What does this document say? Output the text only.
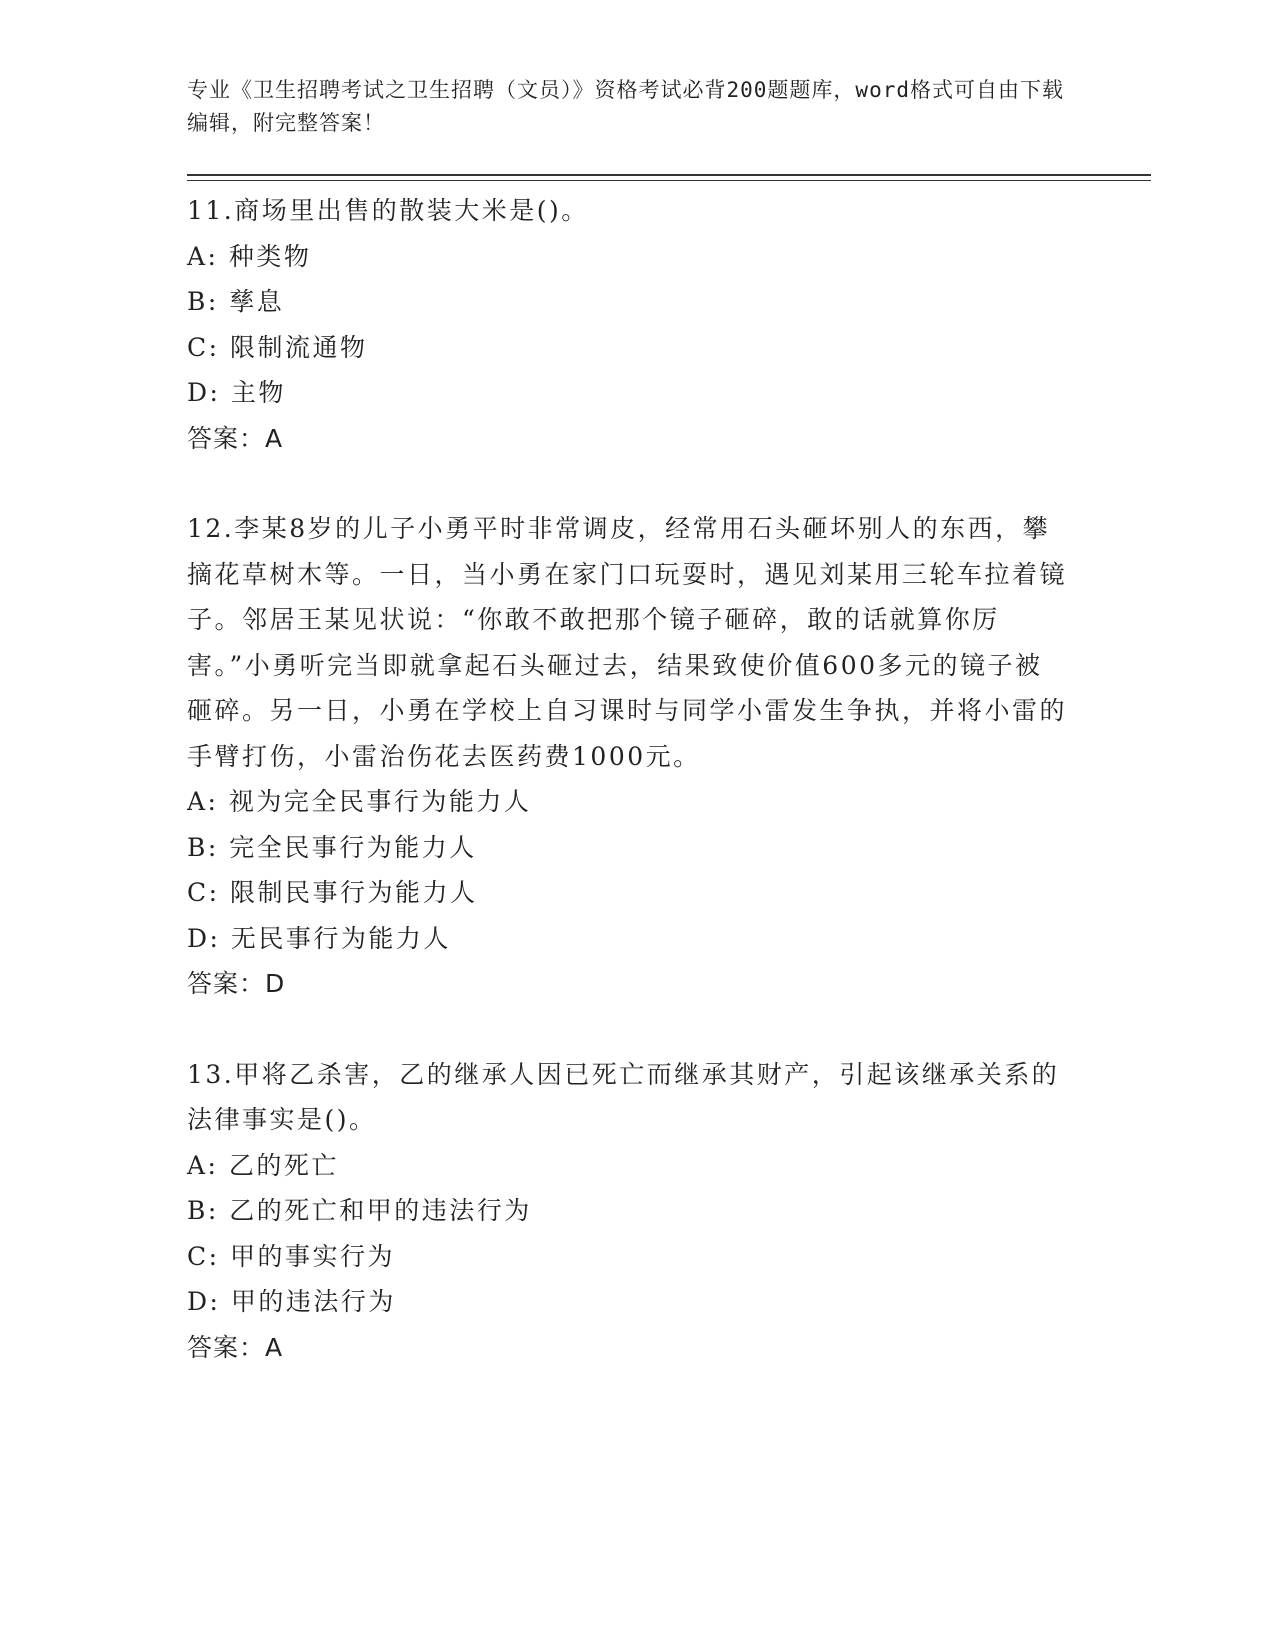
专业《卫生招聘考试之卫生招聘（文员）》资格考试必背200题题库，word格式可自由下载编辑，附完整答案！
11.商场里出售的散装大米是()。
A: 种类物
B: 孳息
C: 限制流通物
D: 主物
答案：A
12.李某8岁的儿子小勇平时非常调皮，经常用石头砸坏别人的东西，攀摘花草树木等。一日，当小勇在家门口玩耍时，遇见刘某用三轮车拉着镜子。邻居王某见状说：“你敢不敢把那个镜子砸碎，敢的话就算你厉害。”小勇听完当即就拿起石头砸过去，结果致使价值600多元的镜子被砸碎。另一日，小勇在学校上自习课时与同学小雷发生争执，并将小雷的手臂打伤，小雷治伤花去医药费1000元。
A: 视为完全民事行为能力人
B: 完全民事行为能力人
C: 限制民事行为能力人
D: 无民事行为能力人
答案：D
13.甲将乙杀害，乙的继承人因已死亡而继承其财产，引起该继承关系的法律事实是()。
A: 乙的死亡
B: 乙的死亡和甲的违法行为
C: 甲的事实行为
D: 甲的违法行为
答案：A
